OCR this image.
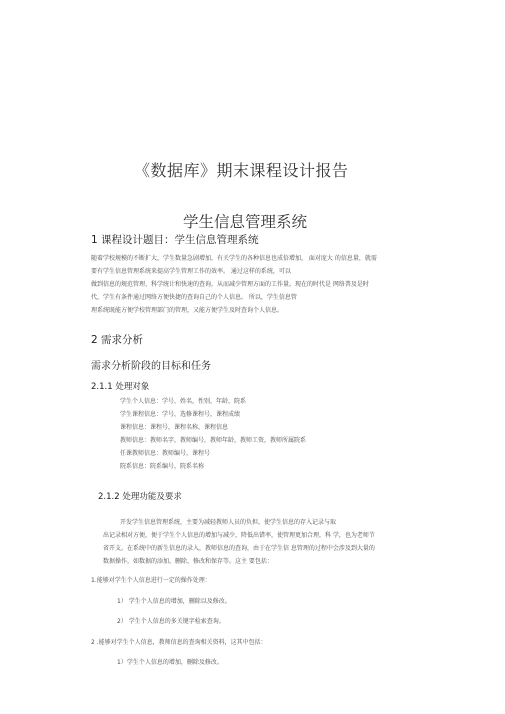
《数据库》期末课程设计报告
学生信息管理系统
1 课程设计题目：学生信息管理系统
随着学校规模的不断扩大，学生数量急剧增加，有关学生的各种信息也成倍增加， 面对庞大 的信息量，就需
要有学生信息管理系统来提高学生管理工作的效率。 通过这样的系统，可以
做到信息的规范管理、科学统计和快速的查询，从而减少管理方面的工作量。现在的时代是 网络普及是时
代，学生有条件通过网络方便快捷的查询自己的个人信息。 所以，学生信息管
理系统既能方便学校管理部门的管理，又能方便学生及时查询个人信息。
2 需求分析
需求分析阶段的目标和任务
2.1.1 处理对象
学生个人信息：学号，姓名，性别，年龄，院系
学生课程信息：学号，选修课程号，课程成绩
课程信息：课程号，课程名称，课程信息
教师信息：教师名字，教师编号，教师年龄，教师工资，教师所属院系
任课教师信息：教师编号，课程号
院系信息：院系编号，院系名称
2.1.2 处理功能及要求
开发学生信息管理系统，主要为减轻教师人员的负担，使学生信息的存入记录与取
出记录相对方便，便于学生个人信息的增加与减少，降低出错率，使管理更加合理，科 学，也为老师节
省开支。在系统中的新生信息的录入，教师信息的查询，由于在学生信 息管理的过程中会涉及到大量的
数据操作，如数据的添加，删除，修改和保存等。这主 要包括：
1.能够对学生个人信息进行一定的操作处理：
1） 学生个人信息的增加，删除以及修改。
2） 学生个人信息的多关键字检索查询。
2 .能够对学生个人信息，教师信息的查询相关资料，这其中包括：
1）学生个人信息的增加，删除及修改。
